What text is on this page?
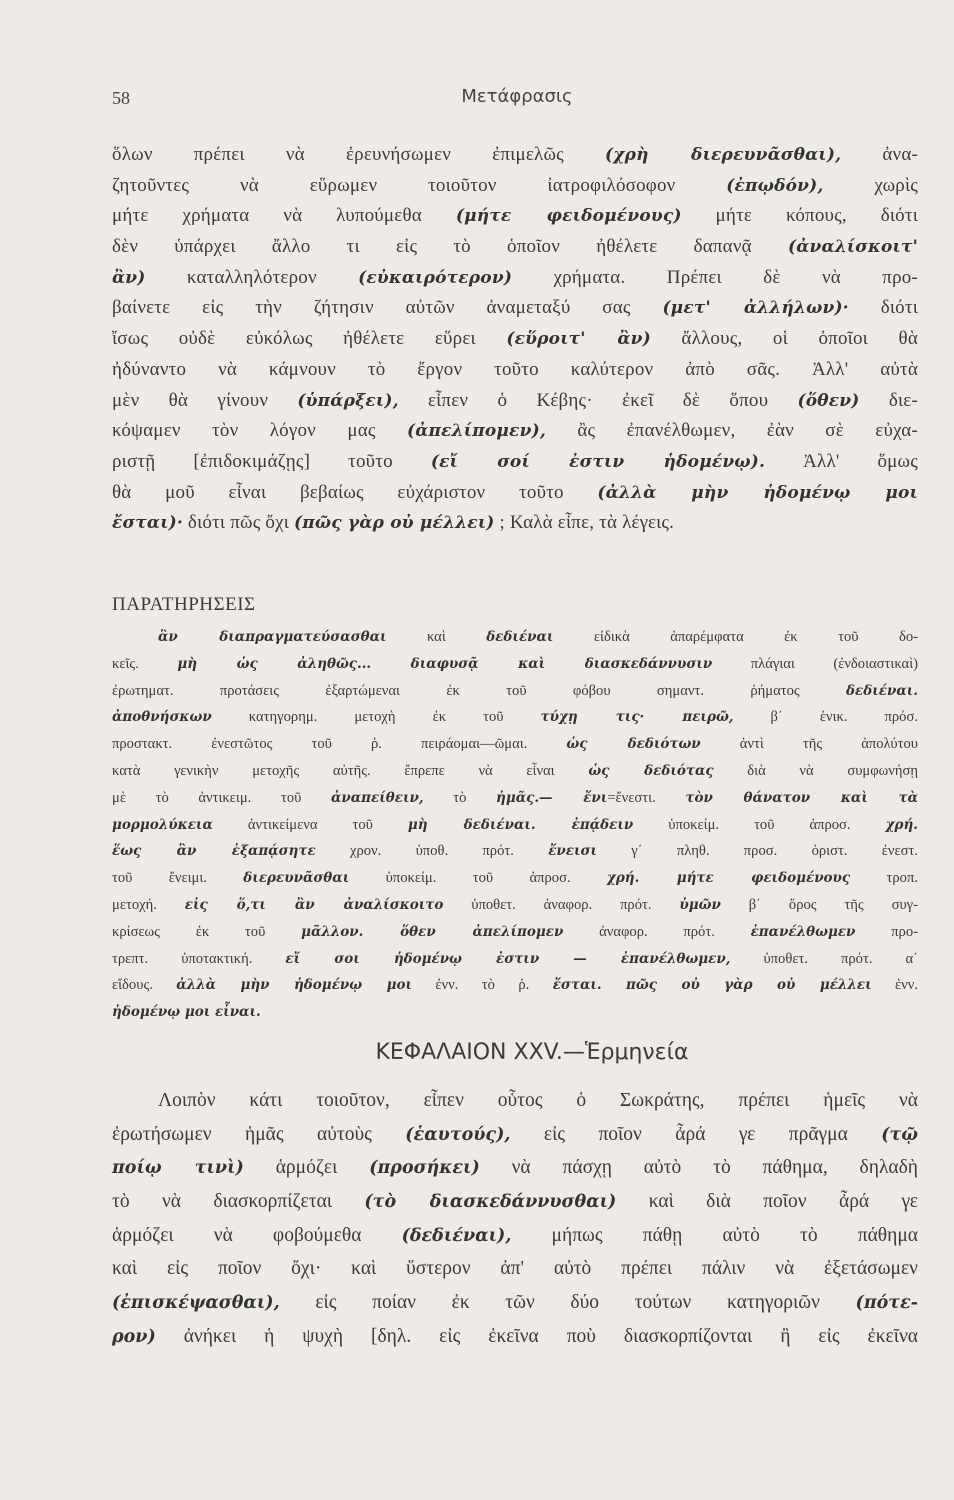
58	Μετάφρασις
ὅλων πρέπει νὰ ἐρευνήσωμεν ἐπιμελῶς (χρὴ διερευνᾶσθαι), ἀνα-
ζητοῦντες νὰ εὕρωμεν τοιοῦτον ἰατροφιλόσοφον (ἐπῳδόν), χωρὶς
μήτε χρήματα νὰ λυπούμεθα (μήτε φειδομένους) μήτε κόπους, διότι
δὲν ὑπάρχει ἄλλο τι εἰς τὸ ὁποῖον ἠθέλετε δαπανᾷ (ἀναλίσκοιτ'
ἂν) καταλληλότερον (εὐκαιρότερον) χρήματα. Πρέπει δὲ νὰ προ-
βαίνετε εἰς τὴν ζήτησιν αὐτῶν ἀναμεταξύ σας (μετ' ἀλλήλων)· διότι
ἴσως οὐδὲ εὐκόλως ἠθέλετε εὕρει (εὕροιτ' ἂν) ἄλλους, οἱ ὁποῖοι θὰ
ἠδύναντο νὰ κάμνουν τὸ ἔργον τοῦτο καλύτερον ἀπὸ σᾶς. Ἀλλ' αὐτὰ
μὲν θὰ γίνουν (ὑπάρξει), εἶπεν ὁ Κέβης· ἐκεῖ δὲ ὅπου (ὅθεν) διε-
κόψαμεν τὸν λόγον μας (ἀπελίπομεν), ἂς ἐπανέλθωμεν, ἐὰν σὲ εὐχα-
ριστῇ [ἐπιδοκιμάζῃς] τοῦτο (εἴ σοί ἐστιν ἡδομένῳ). Ἀλλ' ὅμως
θὰ μοῦ εἶναι βεβαίως εὐχάριστον τοῦτο (ἀλλὰ μὴν ἡδομένῳ μοι
ἔσται)· διότι πῶς ὄχι (πῶς γὰρ οὐ μέλλει) ; Καλὰ εἶπε, τὰ λέγεις.
ΠΑΡΑΤΗΡΗΣΕΙΣ
ἂν διαπραγματεύσασθαι καὶ δεδιέναι εἰδικὰ ἀπαρέμφατα ἐκ τοῦ δο-
κεῖς. μὴ ὡς ἀληθῶς... διαφυσᾷ καὶ διασκεδάννυσιν πλάγιαι (ἐνδοιαστικαὶ)
ἐρωτηματ. προτάσεις ἐξαρτώμεναι ἐκ τοῦ φόβου σημαντ. ῥήματος δεδιέναι.
ἀποθνήσκων κατηγορημ. μετοχὴ ἐκ τοῦ τύχῃ τις· πειρῶ, β΄ ἑνικ. πρόσ.
προστακτ. ἐνεστῶτος τοῦ ῥ. πειράομαι—ῶμαι. ὡς δεδιότων ἀντὶ τῆς ἀπολύτου
κατὰ γενικὴν μετοχῆς αὐτῆς. ἔπρεπε νὰ εἶναι ὡς δεδιότας διὰ νὰ συμφωνήσῃ
μὲ τὸ ἀντικειμ. τοῦ ἀναπείθειν, τὸ ἡμᾶς.— ἔνι=ἔνεστι. τὸν θάνατον καὶ τὰ
μορμολύκεια ἀντικείμενα τοῦ μὴ δεδιέναι. ἐπᾴδειν ὑποκείμ. τοῦ ἀπροσ. χρή.
ἕως ἂν ἐξαπᾴσητε χρον. ὑποθ. πρότ. ἔνεισι γ΄ πληθ. προσ. ὁριστ. ἐνεστ.
τοῦ ἔνειμι. διερευνᾶσθαι ὑποκείμ. τοῦ ἀπροσ. χρή. μήτε φειδομένους τροπ.
μετοχή. εἰς ὅ,τι ἂν ἀναλίσκοιτο ὑποθετ. ἀναφορ. πρότ. ὑμῶν β΄ ὅρος τῆς συγ-
κρίσεως ἐκ τοῦ μᾶλλον. ὅθεν ἀπελίπομεν ἀναφορ. πρότ. ἐπανέλθωμεν προ-
τρεπτ. ὑποτακτική. εἴ σοι ἡδομένῳ ἐστιν — ἐπανέλθωμεν, ὑποθετ. πρότ. α΄
εἴδους. ἀλλὰ μὴν ἡδομένῳ μοι ἐνν. τὸ ῥ. ἔσται. πῶς οὐ γὰρ οὐ μέλλει ἐνν.
ἡδομένῳ μοι εἶναι.
ΚΕΦΑΛΑΙΟΝ XXV.—Ἑρμηνεία
Λοιπὸν κάτι τοιοῦτον, εἶπεν οὗτος ὁ Σωκράτης, πρέπει ἡμεῖς νὰ
ἐρωτήσωμεν ἡμᾶς αὐτοὺς (ἑαυτούς), εἰς ποῖον ἆρά γε πρᾶγμα (τῷ
ποίῳ τινὶ) ἁρμόζει (προσήκει) νὰ πάσχῃ αὐτὸ τὸ πάθημα, δηλαδὴ
τὸ νὰ διασκορπίζεται (τὸ διασκεδάννυσθαι) καὶ διὰ ποῖον ἆρά γε
ἁρμόζει νὰ φοβούμεθα (δεδιέναι), μήπως πάθῃ αὐτὸ τὸ πάθημα
καὶ εἰς ποῖον ὄχι· καὶ ὕστερον ἀπ' αὐτὸ πρέπει πάλιν νὰ ἐξετάσωμεν
(ἐπισκέψασθαι), εἰς ποίαν ἐκ τῶν δύο τούτων κατηγοριῶν (πότε-
ρον) ἀνήκει ἡ ψυχὴ [δηλ. εἰς ἐκεῖνα ποὺ διασκορπίζονται ἢ εἰς ἐκεῖνα
